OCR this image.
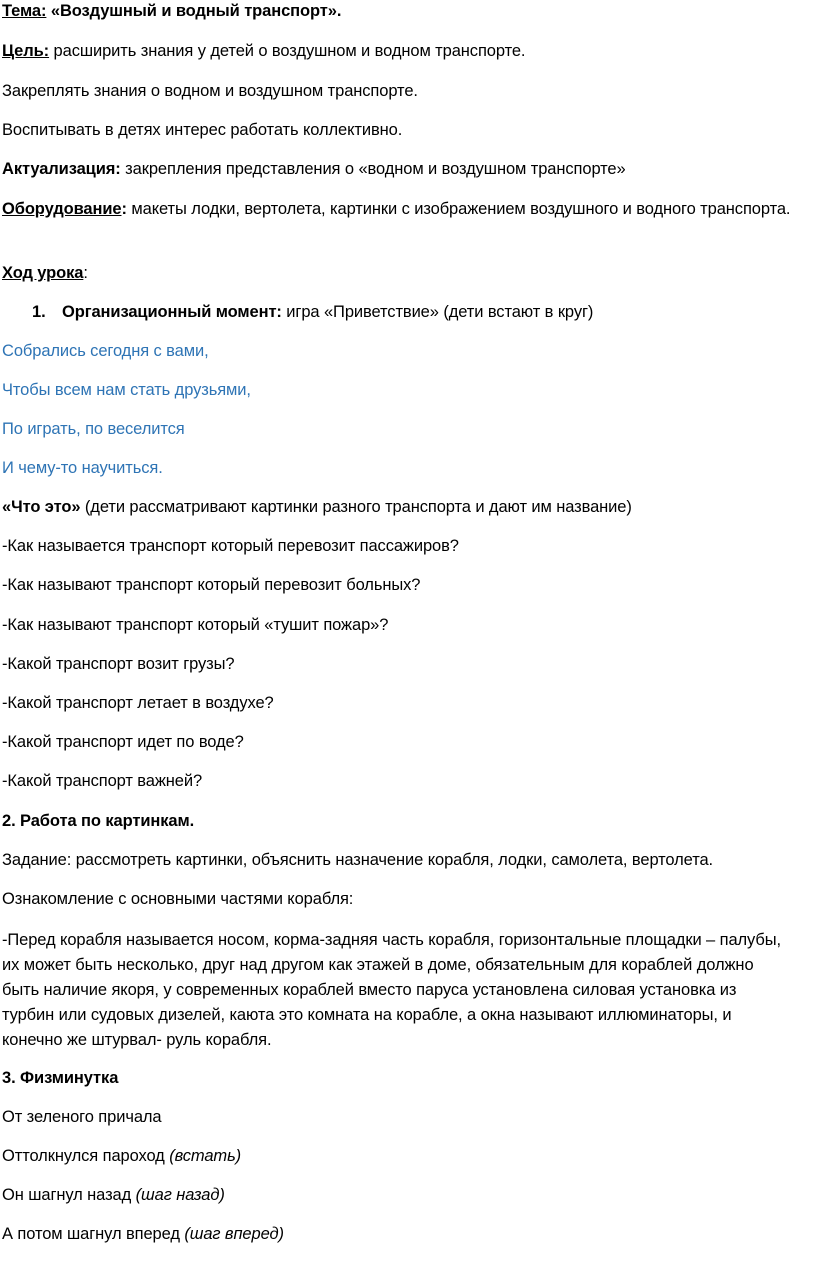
Тема: «Воздушный и водный транспорт».
Цель: расширить знания у детей о воздушном и водном транспорте.
Закреплять знания о водном и воздушном транспорте.
Воспитывать в детях интерес работать коллективно.
Актуализация: закрепления представления о «водном и воздушном транспорте»
Оборудование: макеты лодки, вертолета, картинки с изображением воздушного и водного транспорта.
Ход урока:
1. Организационный момент: игра «Приветствие» (дети встают в круг)
Собрались сегодня с вами,
Чтобы всем нам стать друзьями,
По играть, по веселится
И чему-то научиться.
«Что это» (дети рассматривают картинки разного транспорта и дают им название)
-Как называется транспорт который перевозит пассажиров?
-Как называют транспорт который перевозит больных?
-Как называют транспорт который «тушит пожар»?
-Какой транспорт возит грузы?
-Какой транспорт летает в воздухе?
-Какой транспорт идет по воде?
-Какой транспорт важней?
2. Работа по картинкам.
Задание: рассмотреть картинки, объяснить назначение корабля, лодки, самолета, вертолета.
Ознакомление с основными частями корабля:
-Перед корабля называется носом, корма-задняя часть корабля, горизонтальные площадки – палубы, их может быть несколько, друг над другом как этажей в доме, обязательным для кораблей должно быть наличие якоря, у современных кораблей вместо паруса установлена силовая установка из турбин или судовых дизелей, каюта это комната на корабле, а окна называют иллюминаторы, и конечно же штурвал- руль корабля.
3. Физминутка
От зеленого причала
Оттолкнулся пароход (встать)
Он шагнул назад (шаг назад)
А потом шагнул вперед (шаг вперед)
